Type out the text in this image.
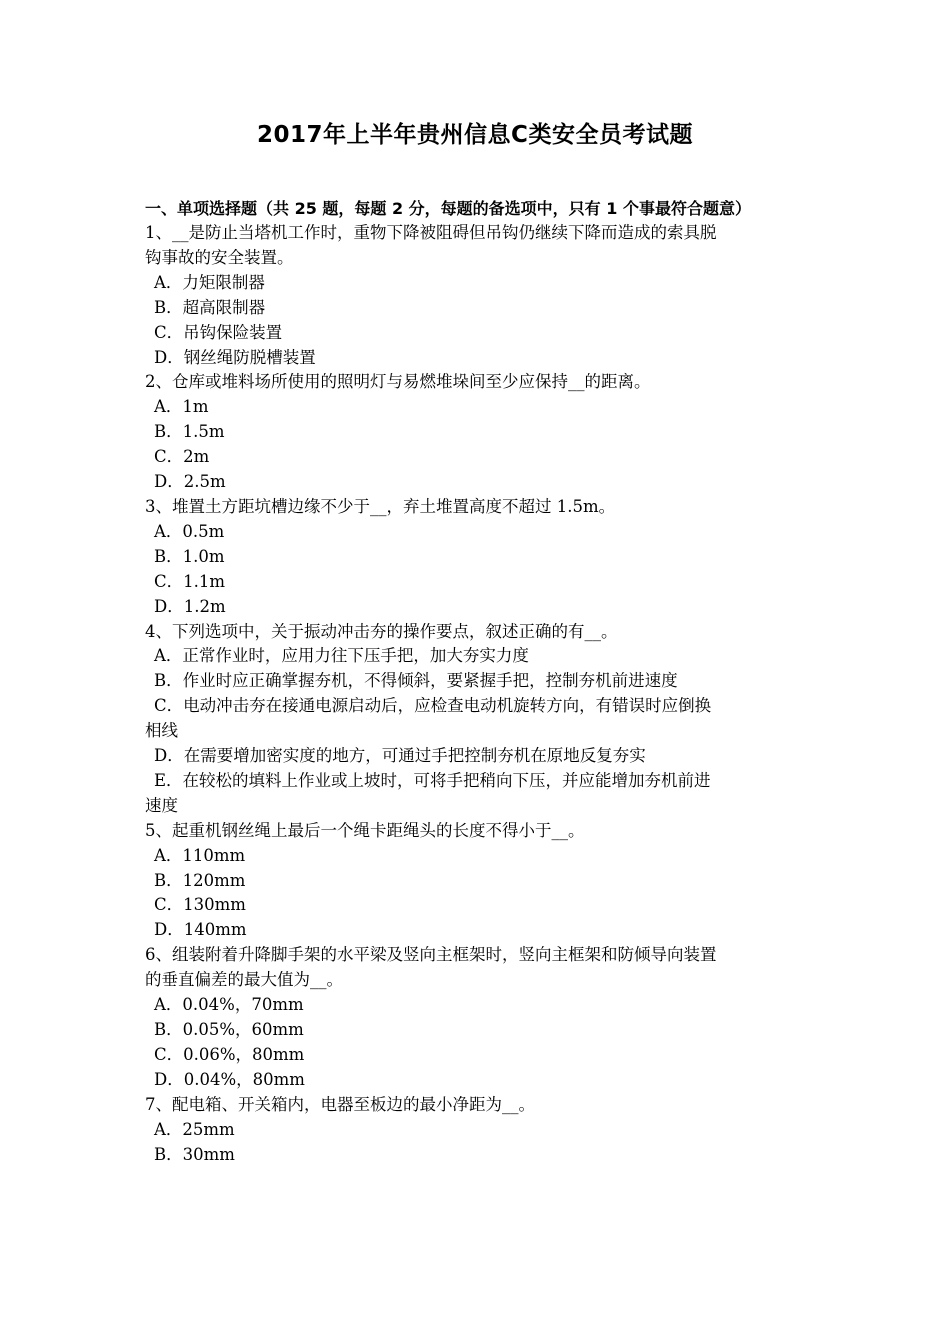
2017年上半年贵州信息C类安全员考试题

一、单项选择题（共 25 题，每题 2 分，每题的备选项中，只有 1 个事最符合题意）

1、__是防止当塔机工作时，重物下降被阻碍但吊钩仍继续下降而造成的索具脱
钩事故的安全装置。
A．力矩限制器
B．超高限制器
C．吊钩保险装置
D．钢丝绳防脱槽装置
2、仓库或堆料场所使用的照明灯与易燃堆垛间至少应保持__的距离。
A．1m
B．1.5m
C．2m
D．2.5m
3、堆置土方距坑槽边缘不少于__，弃土堆置高度不超过 1.5m。
A．0.5m
B．1.0m
C．1.1m
D．1.2m
4、下列选项中，关于振动冲击夯的操作要点，叙述正确的有__。
A．正常作业时，应用力往下压手把，加大夯实力度
B．作业时应正确掌握夯机，不得倾斜，要紧握手把，控制夯机前进速度
C．电动冲击夯在接通电源启动后，应检查电动机旋转方向，有错误时应倒换
相线
D．在需要增加密实度的地方，可通过手把控制夯机在原地反复夯实
E．在较松的填料上作业或上坡时，可将手把稍向下压，并应能增加夯机前进
速度
5、起重机钢丝绳上最后一个绳卡距绳头的长度不得小于__。
A．110mm
B．120mm
C．130mm
D．140mm
6、组装附着升降脚手架的水平梁及竖向主框架时，竖向主框架和防倾导向装置
的垂直偏差的最大值为__。
A．0.04%，70mm
B．0.05%，60mm
C．0.06%，80mm
D．0.04%，80mm
7、配电箱、开关箱内，电器至板边的最小净距为__。
A．25mm
B．30mm
